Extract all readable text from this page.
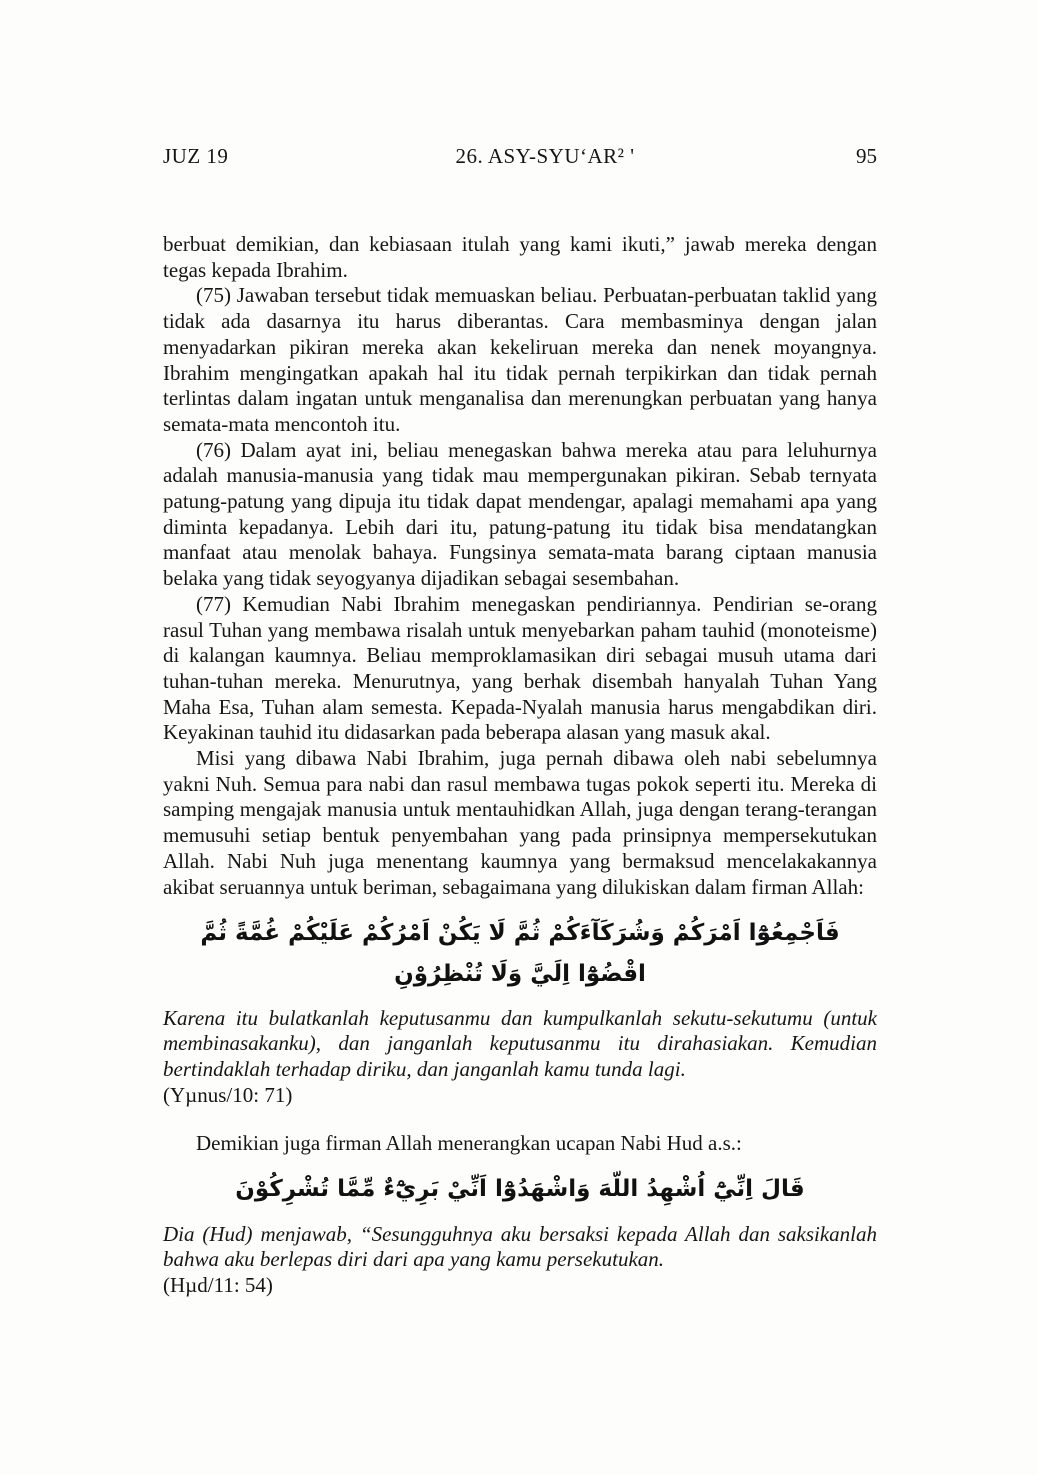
JUZ 19	26. ASY-SYU‘AR² '	95

berbuat demikian, dan kebiasaan itulah yang kami ikuti,” jawab mereka dengan tegas kepada Ibrahim.

(75) Jawaban tersebut tidak memuaskan beliau. Perbuatan-perbuatan taklid yang tidak ada dasarnya itu harus diberantas. Cara membasminya dengan jalan menyadarkan pikiran mereka akan kekeliruan mereka dan nenek moyangnya. Ibrahim mengingatkan apakah hal itu tidak pernah terpikirkan dan tidak pernah terlintas dalam ingatan untuk menganalisa dan merenungkan perbuatan yang hanya semata-mata mencontoh itu.

(76) Dalam ayat ini, beliau menegaskan bahwa mereka atau para leluhurnya adalah manusia-manusia yang tidak mau mempergunakan pikiran. Sebab ternyata patung-patung yang dipuja itu tidak dapat mendengar, apalagi memahami apa yang diminta kepadanya. Lebih dari itu, patung-patung itu tidak bisa mendatangkan manfaat atau menolak bahaya. Fungsinya semata-mata barang ciptaan manusia belaka yang tidak seyogyanya dijadikan sebagai sesembahan.

(77) Kemudian Nabi Ibrahim menegaskan pendiriannya. Pendirian se-orang rasul Tuhan yang membawa risalah untuk menyebarkan paham tauhid (monoteisme) di kalangan kaumnya. Beliau memproklamasikan diri sebagai musuh utama dari tuhan-tuhan mereka. Menurutnya, yang berhak disembah hanyalah Tuhan Yang Maha Esa, Tuhan alam semesta. Kepada-Nyalah manusia harus mengabdikan diri. Keyakinan tauhid itu didasarkan pada beberapa alasan yang masuk akal.

Misi yang dibawa Nabi Ibrahim, juga pernah dibawa oleh nabi sebelumnya yakni Nuh. Semua para nabi dan rasul membawa tugas pokok seperti itu. Mereka di samping mengajak manusia untuk mentauhidkan Allah, juga dengan terang-terangan memusuhi setiap bentuk penyembahan yang pada prinsipnya mempersekutukan Allah. Nabi Nuh juga menentang kaumnya yang bermaksud mencelakakannya akibat seruannya untuk beriman, sebagaimana yang dilukiskan dalam firman Allah:

فَاَجْمِعُوْٓا اَمْرَكُمْ وَشُرَكَآءَكُمْ ثُمَّ لَا يَكُنْ اَمْرُكُمْ عَلَيْكُمْ غُمَّةً ثُمَّ اقْضُوْٓا اِلَيَّ وَلَا تُنْظِرُوْنِ

Karena itu bulatkanlah keputusanmu dan kumpulkanlah sekutu-sekutumu (untuk membinasakanku), dan janganlah keputusanmu itu dirahasiakan. Kemudian bertindaklah terhadap diriku, dan janganlah kamu tunda lagi.

(Yµnus/10: 71)

Demikian juga firman Allah menerangkan ucapan Nabi Hud a.s.:

قَالَ اِنِّيْٓ اُشْهِدُ اللّهَ وَاشْهَدُوْٓا اَنِّيْ بَرِيْٓءٌ مِّمَّا تُشْرِكُوْنَ

Dia (Hud) menjawab, “Sesungguhnya aku bersaksi kepada Allah dan saksikanlah bahwa aku berlepas diri dari apa yang kamu persekutukan.

(Hµd/11: 54)
